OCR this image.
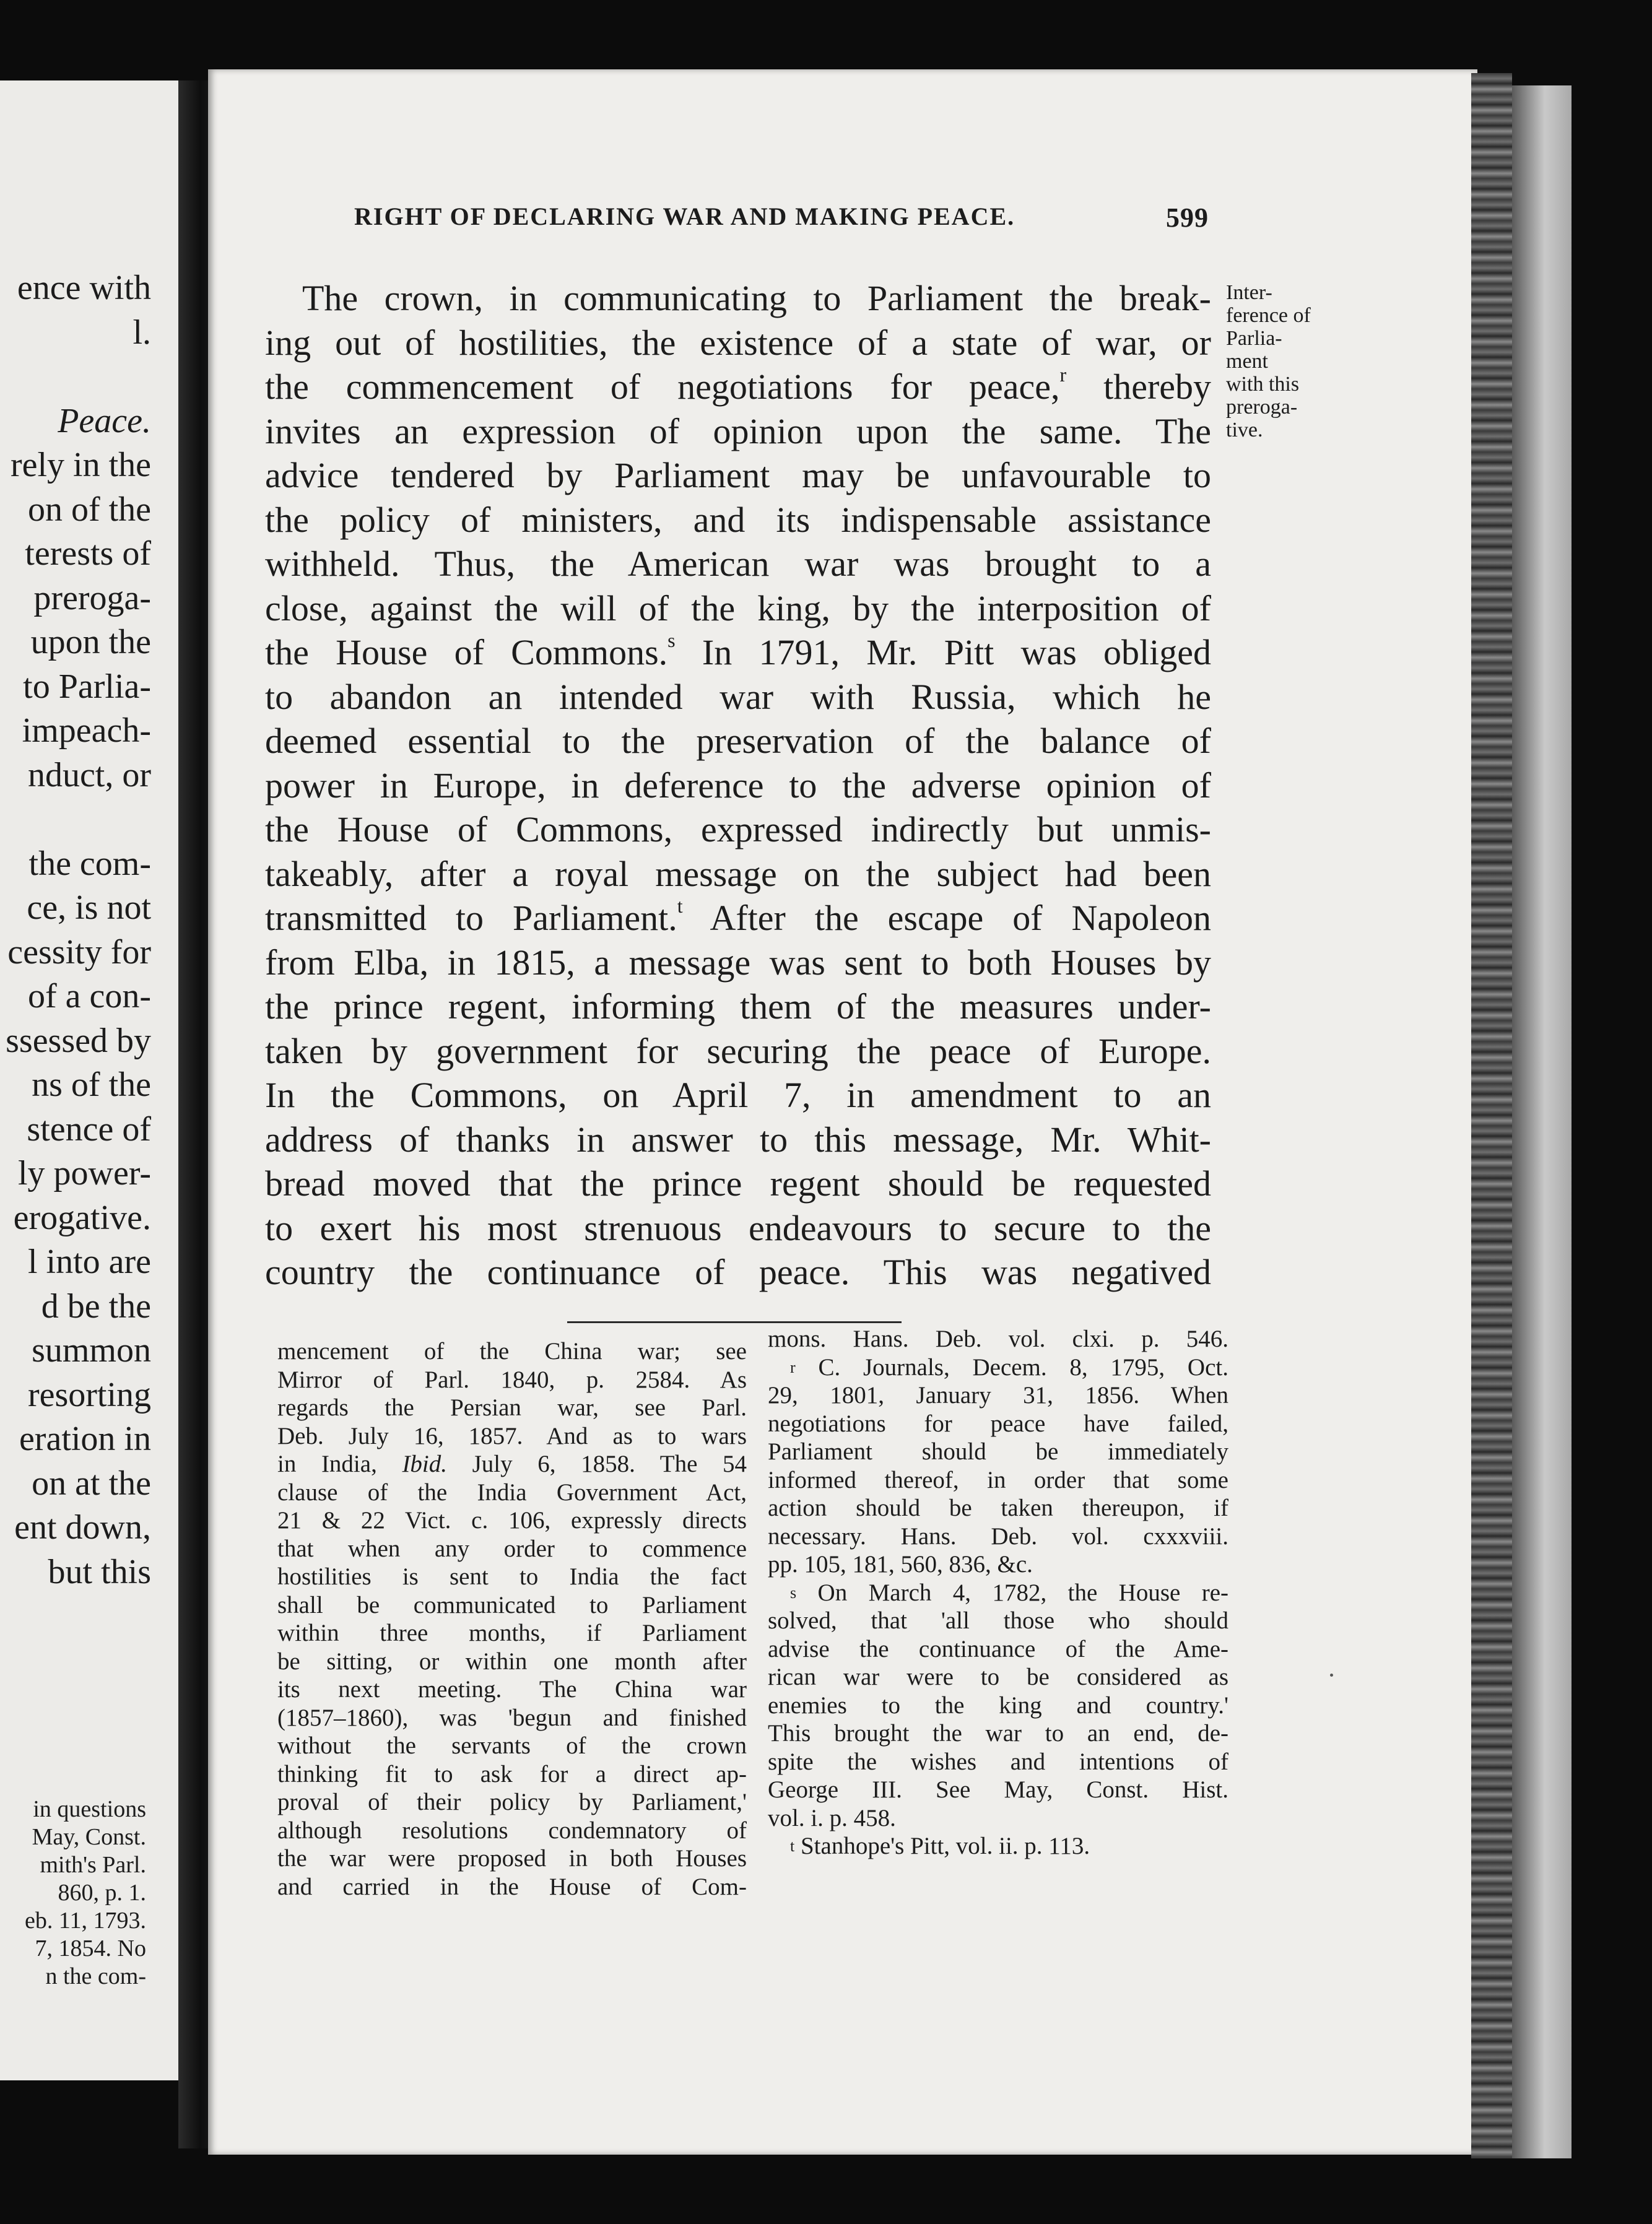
ence with
l.
Peace.
rely in the
on of the
terests of
preroga-
upon the
to Parlia-
impeach-
nduct, or
the com-
ce, is not
cessity for
of a con-
ssessed by
ns of the
stence of
ly power-
erogative.
l into are
d be the
summon
resorting
eration in
on at the
ent down,
but this
in questions
May, Const.
mith's Parl.
860, p. 1.
eb. 11, 1793.
7, 1854. No
n the com-
RIGHT OF DECLARING WAR AND MAKING PEACE.	599
Inter-
ference of
Parlia-
ment
with this
preroga-
tive.
The crown, in communicating to Parliament the break-
ing out of hostilities, the existence of a state of war, or
the commencement of negotiations for peace,$^r$ thereby
invites an expression of opinion upon the same. The
advice tendered by Parliament may be unfavourable to
the policy of ministers, and its indispensable assistance
withheld. Thus, the American war was brought to a
close, against the will of the king, by the interposition of
the House of Commons.$^s$ In 1791, Mr. Pitt was obliged
to abandon an intended war with Russia, which he
deemed essential to the preservation of the balance of
power in Europe, in deference to the adverse opinion of
the House of Commons, expressed indirectly but unmis-
takeably, after a royal message on the subject had been
transmitted to Parliament.$^t$ After the escape of Napoleon
from Elba, in 1815, a message was sent to both Houses by
the prince regent, informing them of the measures under-
taken by government for securing the peace of Europe.
In the Commons, on April 7, in amendment to an
address of thanks in answer to this message, Mr. Whit-
bread moved that the prince regent should be requested
to exert his most strenuous endeavours to secure to the
country the continuance of peace. This was negatived
mencement of the China war; see
Mirror of Parl. 1840, p. 2584. As
regards the Persian war, see Parl.
Deb. July 16, 1857. And as to wars
in India, Ibid. July 6, 1858. The 54
clause of the India Government Act,
21 & 22 Vict. c. 106, expressly directs
that when any order to commence
hostilities is sent to India the fact
shall be communicated to Parliament
within three months, if Parliament
be sitting, or within one month after
its next meeting. The China war
(1857–1860), was 'begun and finished
without the servants of the crown
thinking fit to ask for a direct ap-
proval of their policy by Parliament,'
although resolutions condemnatory of
the war were proposed in both Houses
and carried in the House of Com-
mons. Hans. Deb. vol. clxi. p. 546.
$^r$ C. Journals, Decem. 8, 1795, Oct.
29, 1801, January 31, 1856. When
negotiations for peace have failed,
Parliament should be immediately
informed thereof, in order that some
action should be taken thereupon, if
necessary. Hans. Deb. vol. cxxxviii.
pp. 105, 181, 560, 836, &c.
$^s$ On March 4, 1782, the House re-
solved, that 'all those who should
advise the continuance of the Ame-
rican war were to be considered as
enemies to the king and country.'
This brought the war to an end, de-
spite the wishes and intentions of
George III. See May, Const. Hist.
vol. i. p. 458.
$^t$ Stanhope's Pitt, vol. ii. p. 113.
